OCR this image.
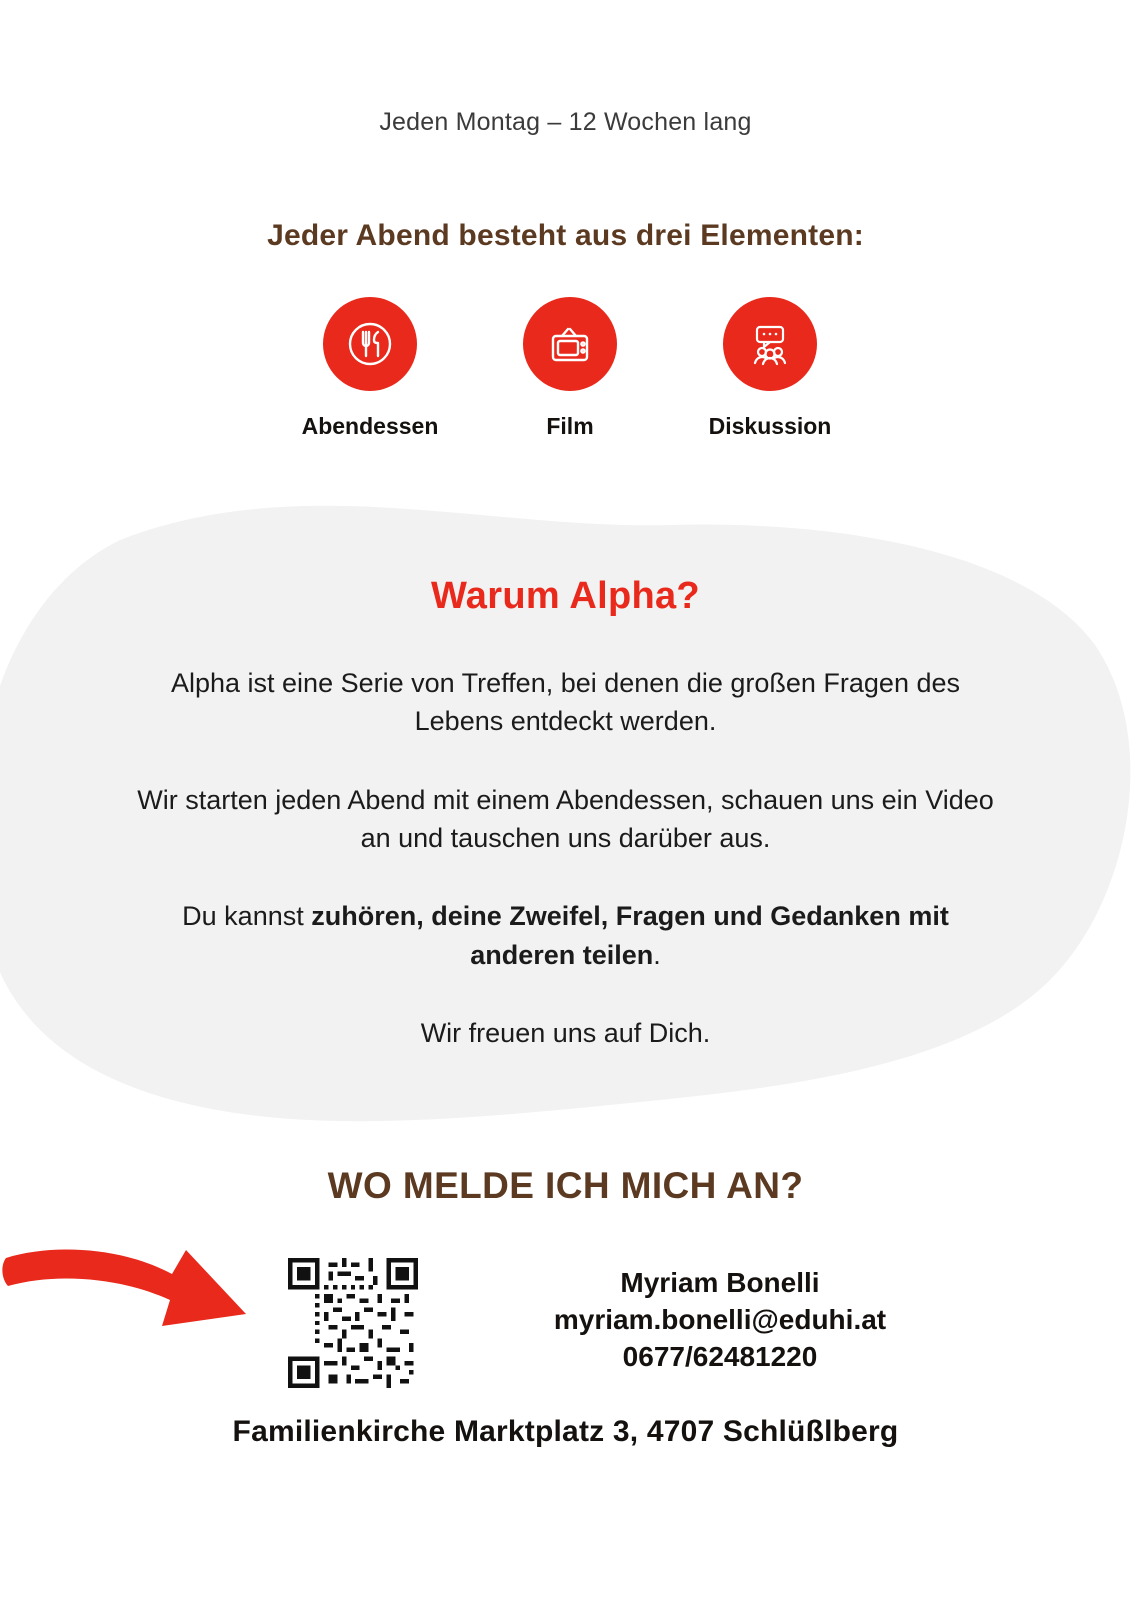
Jeden Montag – 12 Wochen lang
Jeder Abend besteht aus drei Elementen:
Abendessen	Film	Diskussion
Warum Alpha?

Alpha ist eine Serie von Treffen, bei denen die großen Fragen des Lebens entdeckt werden.

Wir starten jeden Abend mit einem Abendessen, schauen uns ein Video an und tauschen uns darüber aus.

Du kannst zuhören, deine Zweifel, Fragen und Gedanken mit anderen teilen.

Wir freuen uns auf Dich.

WO MELDE ICH MICH AN?
Myriam Bonelli
myriam.bonelli@eduhi.at
0677/62481220
Familienkirche Marktplatz 3, 4707 Schlüßlberg
